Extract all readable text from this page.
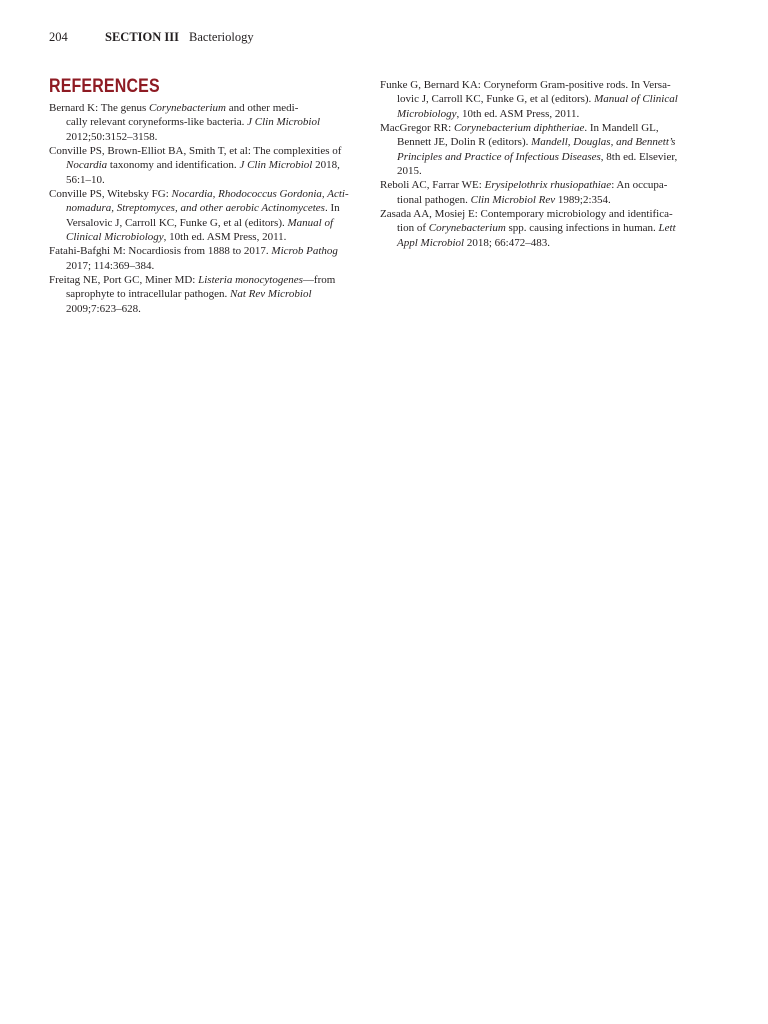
204	SECTION III Bacteriology
REFERENCES
Bernard K: The genus Corynebacterium and other medi-
cally relevant coryneforms-like bacteria. J Clin Microbiol
2012;50:3152–3158.
Conville PS, Brown-Elliot BA, Smith T, et al: The complexities of
Nocardia taxonomy and identification. J Clin Microbiol 2018,
56:1–10.
Conville PS, Witebsky FG: Nocardia, Rhodococcus Gordonia, Acti-
nomadura, Streptomyces, and other aerobic Actinomycetes. In
Versalovic J, Carroll KC, Funke G, et al (editors). Manual of
Clinical Microbiology, 10th ed. ASM Press, 2011.
Fatahi-Bafghi M: Nocardiosis from 1888 to 2017. Microb Pathog
2017; 114:369–384.
Freitag NE, Port GC, Miner MD: Listeria monocytogenes—from
saprophyte to intracellular pathogen. Nat Rev Microbiol
2009;7:623–628.
Funke G, Bernard KA: Coryneform Gram-positive rods. In Versa-
lovic J, Carroll KC, Funke G, et al (editors). Manual of Clinical
Microbiology, 10th ed. ASM Press, 2011.
MacGregor RR: Corynebacterium diphtheriae. In Mandell GL,
Bennett JE, Dolin R (editors). Mandell, Douglas, and Bennett’s
Principles and Practice of Infectious Diseases, 8th ed. Elsevier,
2015.
Reboli AC, Farrar WE: Erysipelothrix rhusiopathiae: An occupa-
tional pathogen. Clin Microbiol Rev 1989;2:354.
Zasada AA, Mosiej E: Contemporary microbiology and identifica-
tion of Corynebacterium spp. causing infections in human. Lett
Appl Microbiol 2018; 66:472–483.
